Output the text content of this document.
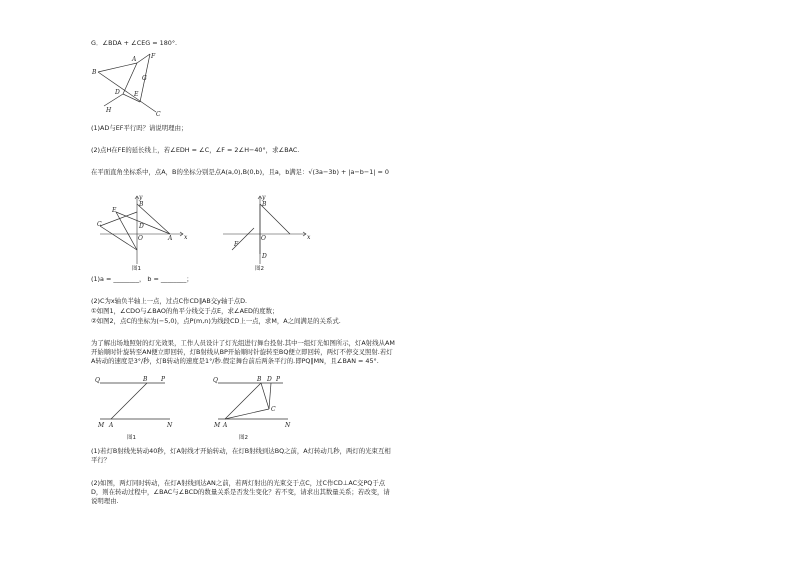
G．∠BDA + ∠CEG = 180°.
B
A F
G
D E
H
C
(1)AD与EF平行吗？请说明理由；
(2)点H在FE的延长线上，若∠EDH = ∠C，∠F = 2∠H−40°，求∠BAC.
在平面直角坐标系中，点A，B的坐标分别是点A(a,0),B(0,b)，且a，b满足：√(3a−3b) + |a−b−1| = 0
y
B
E
C	D
O	A x
图1
y
B
O	x
F
D
图2
(1)a = ________， b = ________；
(2)C为x轴负半轴上一点，过点C作CD∥AB交y轴于点D.
①如图1，∠CDO与∠BAO的角平分线交于点E，求∠AED的度数；
②如图2，点C的坐标为(−5,0)，点P(m,n)为线段CD上一点，求M，A之间满足的关系式.
为了解出场地照射的灯光效果，工作人员设计了灯光组进行舞台投射.其中一组灯光如图所示，灯A射线从AM开始顺时针旋转至AN便立即回转，灯B射线从BP开始顺时针旋转至BQ便立即回转，两灯不停交叉照射.若灯A转动的速度是3°/秒，灯B转动的速度是1°/秒.假定舞台前后两条平行的.即PQ∥MN，且∠BAN = 45°.
Q	B P
M A	N
图1
Q	B D P
C
M A	N
图2
(1)若灯B射线先转动40秒，灯A射线才开始转动，在灯B射线到达BQ之前，A灯转动几秒，两灯的光束互相平行？
(2)如图，两灯同时转动，在灯A射线到达AN之前，若两灯射出的光束交于点C，过C作CD⊥AC交PQ于点D，则在转动过程中，∠BAC与∠BCD的数量关系是否发生变化？若不变，请求出其数量关系；若改变，请说明理由.
